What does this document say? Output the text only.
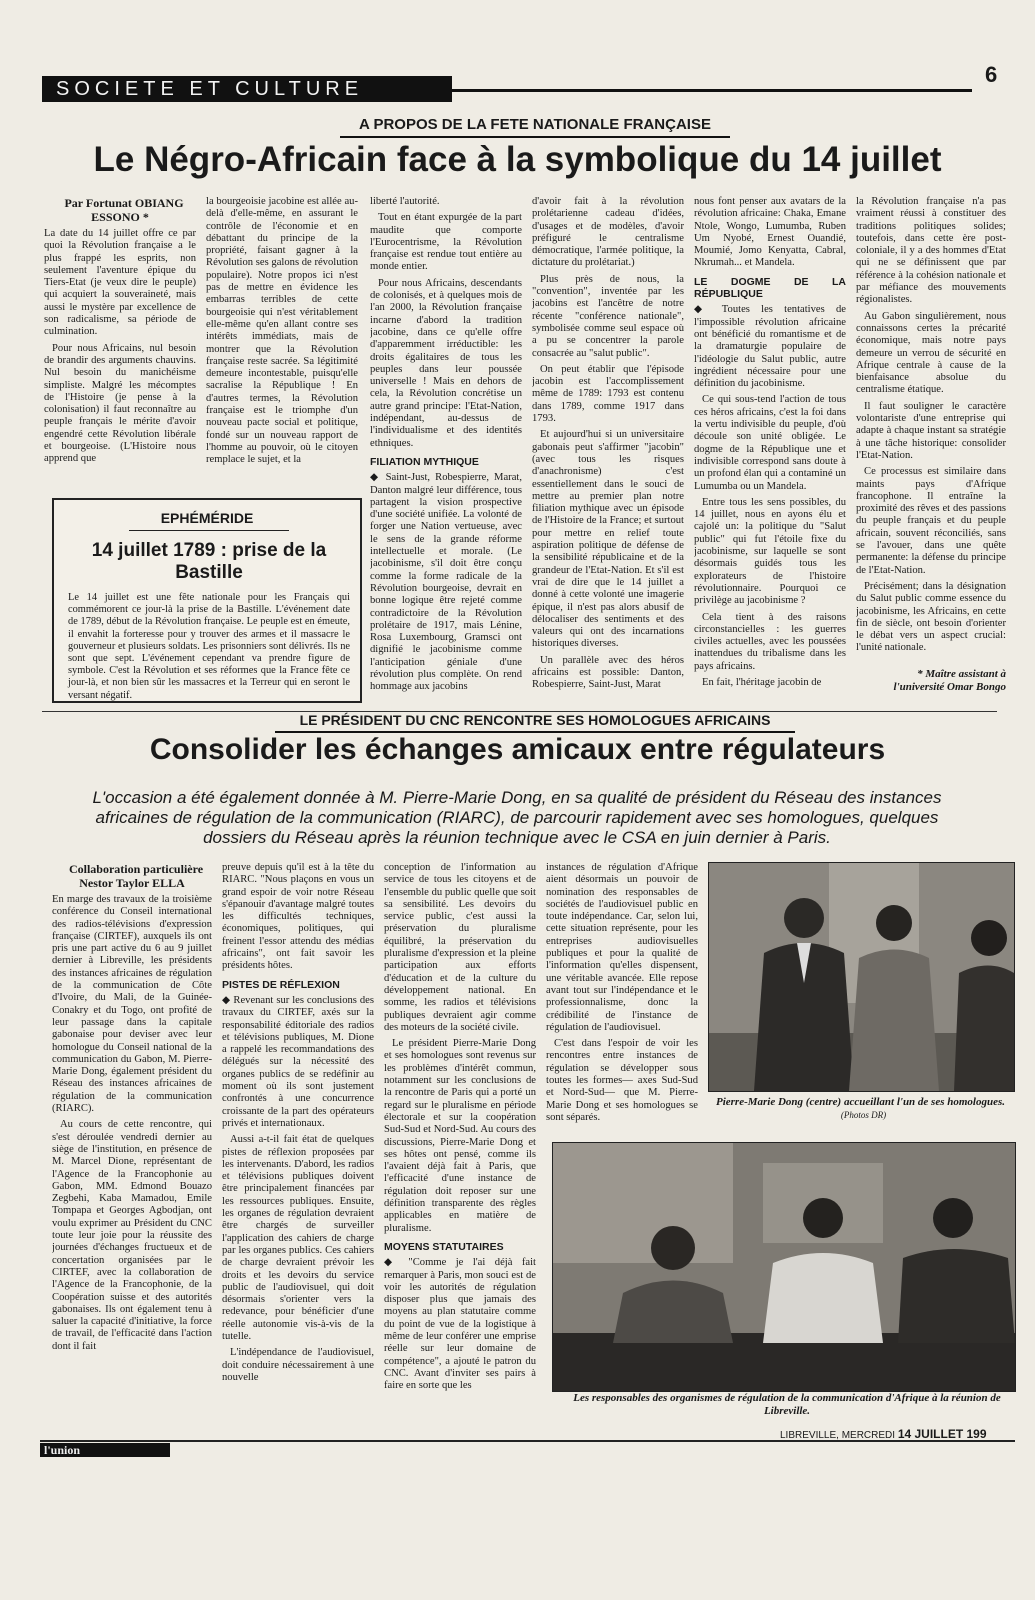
SOCIETE ET CULTURE
6
A PROPOS DE LA FETE NATIONALE FRANÇAISE
Le Négro-Africain face à la symbolique du 14 juillet

Par Fortunat OBIANG ESSONO *

La date du 14 juillet offre ce par quoi la Révolution française a le plus frappé les esprits, non seulement l'aventure épique du Tiers-Etat (je veux dire le peuple) qui acquiert la souveraineté, mais aussi le mystère par excellence de son radicalisme, sa période de culmination.

Pour nous Africains, nul besoin de brandir des arguments chauvins. Nul besoin du manichéisme simpliste. Malgré les mécomptes de l'Histoire (je pense à la colonisation) il faut reconnaître au peuple français le mérite d'avoir engendré cette Révolution libérale et bourgeoise. (L'Histoire nous apprend que

la bourgeoisie jacobine est allée au-delà d'elle-même, en assurant le contrôle de l'économie et en débattant du principe de la propriété, faisant gagner à la Révolution ses galons de révolution populaire). Notre propos ici n'est pas de mettre en évidence les embarras terribles de cette bourgeoisie qui n'est véritablement elle-même qu'en allant contre ses intérêts immédiats, mais de montrer que la Révolution française reste sacrée. Sa légitimité demeure incontestable, puisqu'elle sacralise la République ! En d'autres termes, la Révolution française est le triomphe d'un nouveau pacte social et politique, fondé sur un nouveau rapport de l'homme au pouvoir, où le citoyen remplace le sujet, et la

EPHÉMÉRIDE
14 juillet 1789 : prise de la Bastille
Le 14 juillet est une fête nationale pour les Français qui commémorent ce jour-là la prise de la Bastille. L'événement date de 1789, début de la Révolution française. Le peuple est en émeute, il envahit la forteresse pour y trouver des armes et il massacre le gouverneur et plusieurs soldats. Les prisonniers sont délivrés. Ils ne sont que sept. L'événement cependant va prendre figure de symbole. C'est la Révolution et ses réformes que la France fête ce jour-là, et non bien sûr les massacres et la Terreur qui en seront le versant négatif.

liberté l'autorité.

Tout en étant expurgée de la part maudite que comporte l'Eurocentrisme, la Révolution française est rendue tout entière au monde entier.

Pour nous Africains, descendants de colonisés, et à quelques mois de l'an 2000, la Révolution française incarne d'abord la tradition jacobine, dans ce qu'elle offre d'apparemment irréductible: les droits égalitaires de tous les peuples dans leur poussée universelle ! Mais en dehors de cela, la Révolution concrétise un autre grand principe: l'Etat-Nation, indépendant, au-dessus de l'individualisme et des identités ethniques.

FILIATION MYTHIQUE

◆ Saint-Just, Robespierre, Marat, Danton malgré leur différence, tous partagent la vision prospective d'une société unifiée. La volonté de forger une Nation vertueuse, avec le sens de la grande réforme intellectuelle et morale. (Le jacobinisme, s'il doit être conçu comme la forme radicale de la Révolution bourgeoise, devrait en bonne logique être rejeté comme contradictoire de la Révolution prolétaire de 1917, mais Lénine, Rosa Luxembourg, Gramsci ont dignifié le jacobinisme comme l'anticipation géniale d'une révolution plus complète. On rend hommage aux jacobins

d'avoir fait à la révolution prolétarienne cadeau d'idées, d'usages et de modèles, d'avoir préfiguré le centralisme démocratique, l'armée politique, la dictature du prolétariat.)

Plus près de nous, la "convention", inventée par les jacobins est l'ancêtre de notre récente "conférence nationale", symbolisée comme seul espace où a pu se concentrer la parole consacrée au "salut public".

On peut établir que l'épisode jacobin est l'accomplissement même de 1789: 1793 est contenu dans 1789, comme 1917 dans 1793.

Et aujourd'hui si un universitaire gabonais peut s'affirmer "jacobin" (avec tous les risques d'anachronisme) c'est essentiellement dans le souci de mettre au premier plan notre filiation mythique avec un épisode de l'Histoire de la France; et surtout pour mettre en relief toute aspiration politique de défense de la sensibilité républicaine et de la grandeur de l'Etat-Nation. Et s'il est vrai de dire que le 14 juillet a donné à cette volonté une imagerie épique, il n'est pas alors abusif de délocaliser des sentiments et des valeurs qui ont des incarnations historiques diverses.

Un parallèle avec des héros africains est possible: Danton, Robespierre, Saint-Just, Marat

nous font penser aux avatars de la révolution africaine: Chaka, Emane Ntole, Wongo, Lumumba, Ruben Um Nyobé, Ernest Ouandié, Moumié, Jomo Kenyatta, Cabral, Nkrumah... et Mandela.

LE DOGME DE LA RÉPUBLIQUE

◆ Toutes les tentatives de l'impossible révolution africaine ont bénéficié du romantisme et de la dramaturgie populaire de l'idéologie du Salut public, autre ingrédient nécessaire pour une définition du jacobinisme.

Ce qui sous-tend l'action de tous ces héros africains, c'est la foi dans la vertu indivisible du peuple, d'où découle son unité obligée. Le dogme de la République une et indivisible correspond sans doute à un profond élan qui a contaminé un Lumumba ou un Mandela.

Entre tous les sens possibles, du 14 juillet, nous en ayons élu et cajolé un: la politique du "Salut public" qui fut l'étoile fixe du jacobinisme, sur laquelle se sont désormais guidés tous les explorateurs de l'histoire révolutionnaire. Pourquoi ce privilège au jacobinisme ?

Cela tient à des raisons circonstancielles : les guerres civiles actuelles, avec les poussées inattendues du tribalisme dans les pays africains.

En fait, l'héritage jacobin de

la Révolution française n'a pas vraiment réussi à constituer des traditions politiques solides; toutefois, dans cette ère post-coloniale, il y a des hommes d'Etat qui ne se définissent que par référence à la cohésion nationale et par méfiance des mouvements régionalistes.

Au Gabon singulièrement, nous connaissons certes la précarité économique, mais notre pays demeure un verrou de sécurité en Afrique centrale à cause de la bienfaisance absolue du centralisme étatique.

Il faut souligner le caractère volontariste d'une entreprise qui adapte à chaque instant sa stratégie à une tâche historique: consolider l'Etat-Nation.

Ce processus est similaire dans maints pays d'Afrique francophone. Il entraîne la proximité des rêves et des passions du peuple français et du peuple africain, souvent réconciliés, sans se l'avouer, dans une quête permanente: la défense du principe de l'Etat-Nation.

Précisément; dans la désignation du Salut public comme essence du jacobinisme, les Africains, en cette fin de siècle, ont besoin d'orienter le débat vers un aspect crucial: l'unité nationale.

* Maître assistant à
l'université Omar Bongo
LE PRÉSIDENT DU CNC RENCONTRE SES HOMOLOGUES AFRICAINS
Consolider les échanges amicaux entre régulateurs
L'occasion a été également donnée à M. Pierre-Marie Dong, en sa qualité de président du Réseau des instances africaines de régulation de la communication (RIARC), de parcourir rapidement avec ses homologues, quelques dossiers du Réseau après la réunion technique avec le CSA en juin dernier à Paris.

Collaboration particulière Nestor Taylor ELLA

En marge des travaux de la troisième conférence du Conseil international des radios-télévisions d'expression française (CIRTEF), auxquels ils ont pris une part active du 6 au 9 juillet dernier à Libreville, les présidents des instances africaines de régulation de la communication de Côte d'Ivoire, du Mali, de la Guinée-Conakry et du Togo, ont profité de leur passage dans la capitale gabonaise pour deviser avec leur homologue du Conseil national de la communication du Gabon, M. Pierre-Marie Dong, également président du Réseau des instances africaines de régulation de la communication (RIARC).

Au cours de cette rencontre, qui s'est déroulée vendredi dernier au siège de l'institution, en présence de M. Marcel Dione, représentant de l'Agence de la Francophonie au Gabon, MM. Edmond Bouazo Zegbehi, Kaba Mamadou, Emile Tompapa et Georges Agbodjan, ont voulu exprimer au Président du CNC toute leur joie pour la réussite des journées d'échanges fructueux et de concertation organisées par le CIRTEF, avec la collaboration de l'Agence de la Francophonie, de la Coopération suisse et des autorités gabonaises. Ils ont également tenu à saluer la capacité d'initiative, la force de travail, de l'efficacité dans l'action dont il fait

preuve depuis qu'il est à la tête du RIARC. "Nous plaçons en vous un grand espoir de voir notre Réseau s'épanouir d'avantage malgré toutes les difficultés techniques, économiques, politiques, qui freinent l'essor attendu des médias africains", ont fait savoir les présidents hôtes.

PISTES DE RÉFLEXION

◆ Revenant sur les conclusions des travaux du CIRTEF, axés sur la responsabilité éditoriale des radios et télévisions publiques, M. Dione a rappelé les recommandations des délégués sur la nécessité des organes publics de se redéfinir au moment où ils sont justement confrontés à une concurrence croissante de la part des opérateurs privés et internationaux.

Aussi a-t-il fait état de quelques pistes de réflexion proposées par les intervenants. D'abord, les radios et télévisions publiques doivent être principalement financées par les ressources publiques. Ensuite, les organes de régulation devraient être chargés de surveiller l'application des cahiers de charge par les organes publics. Ces cahiers de charge devraient prévoir les droits et les devoirs du service public de l'audiovisuel, qui doit désormais s'orienter vers la redevance, pour bénéficier d'une réelle autonomie vis-à-vis de la tutelle.

L'indépendance de l'audiovisuel, doit conduire nécessairement à une nouvelle

conception de l'information au service de tous les citoyens et de l'ensemble du public quelle que soit sa sensibilité. Les devoirs du service public, c'est aussi la préservation du pluralisme équilibré, la préservation du pluralisme d'expression et la pleine participation aux efforts d'éducation et de la culture du développement national. En somme, les radios et télévisions publiques devraient agir comme des moteurs de la société civile.

Le président Pierre-Marie Dong et ses homologues sont revenus sur les problèmes d'intérêt commun, notamment sur les conclusions de la rencontre de Paris qui a porté un regard sur le pluralisme en période électorale et sur la coopération Sud-Sud et Nord-Sud. Au cours des discussions, Pierre-Marie Dong et ses hôtes ont pensé, comme ils l'avaient déjà fait à Paris, que l'efficacité d'une instance de régulation doit reposer sur une définition transparente des règles applicables en matière de pluralisme.

MOYENS STATUTAIRES

◆ "Comme je l'ai déjà fait remarquer à Paris, mon souci est de voir les autorités de régulation disposer plus que jamais des moyens au plan statutaire comme du point de vue de la logistique à même de leur conférer une emprise réelle sur leur domaine de compétence", a ajouté le patron du CNC. Avant d'inviter ses pairs à faire en sorte que les

instances de régulation d'Afrique aient désormais un pouvoir de nomination des responsables de sociétés de l'audiovisuel public en toute indépendance. Car, selon lui, cette situation représente, pour les entreprises audiovisuelles publiques et pour la qualité de l'information qu'elles dispensent, une véritable avancée. Elle repose avant tout sur l'indépendance et le professionnalisme, donc la crédibilité de l'instance de régulation de l'audiovisuel.

C'est dans l'espoir de voir les rencontres entre instances de régulation se développer sous toutes les formes— axes Sud-Sud et Nord-Sud— que M. Pierre-Marie Dong et ses homologues se sont séparés.

Pierre-Marie Dong (centre) accueillant l'un de ses homologues. (Photos DR)
Les responsables des organismes de régulation de la communication d'Afrique à la réunion de Libreville.
l'union
LIBREVILLE, MERCREDI 14 JUILLET 199
